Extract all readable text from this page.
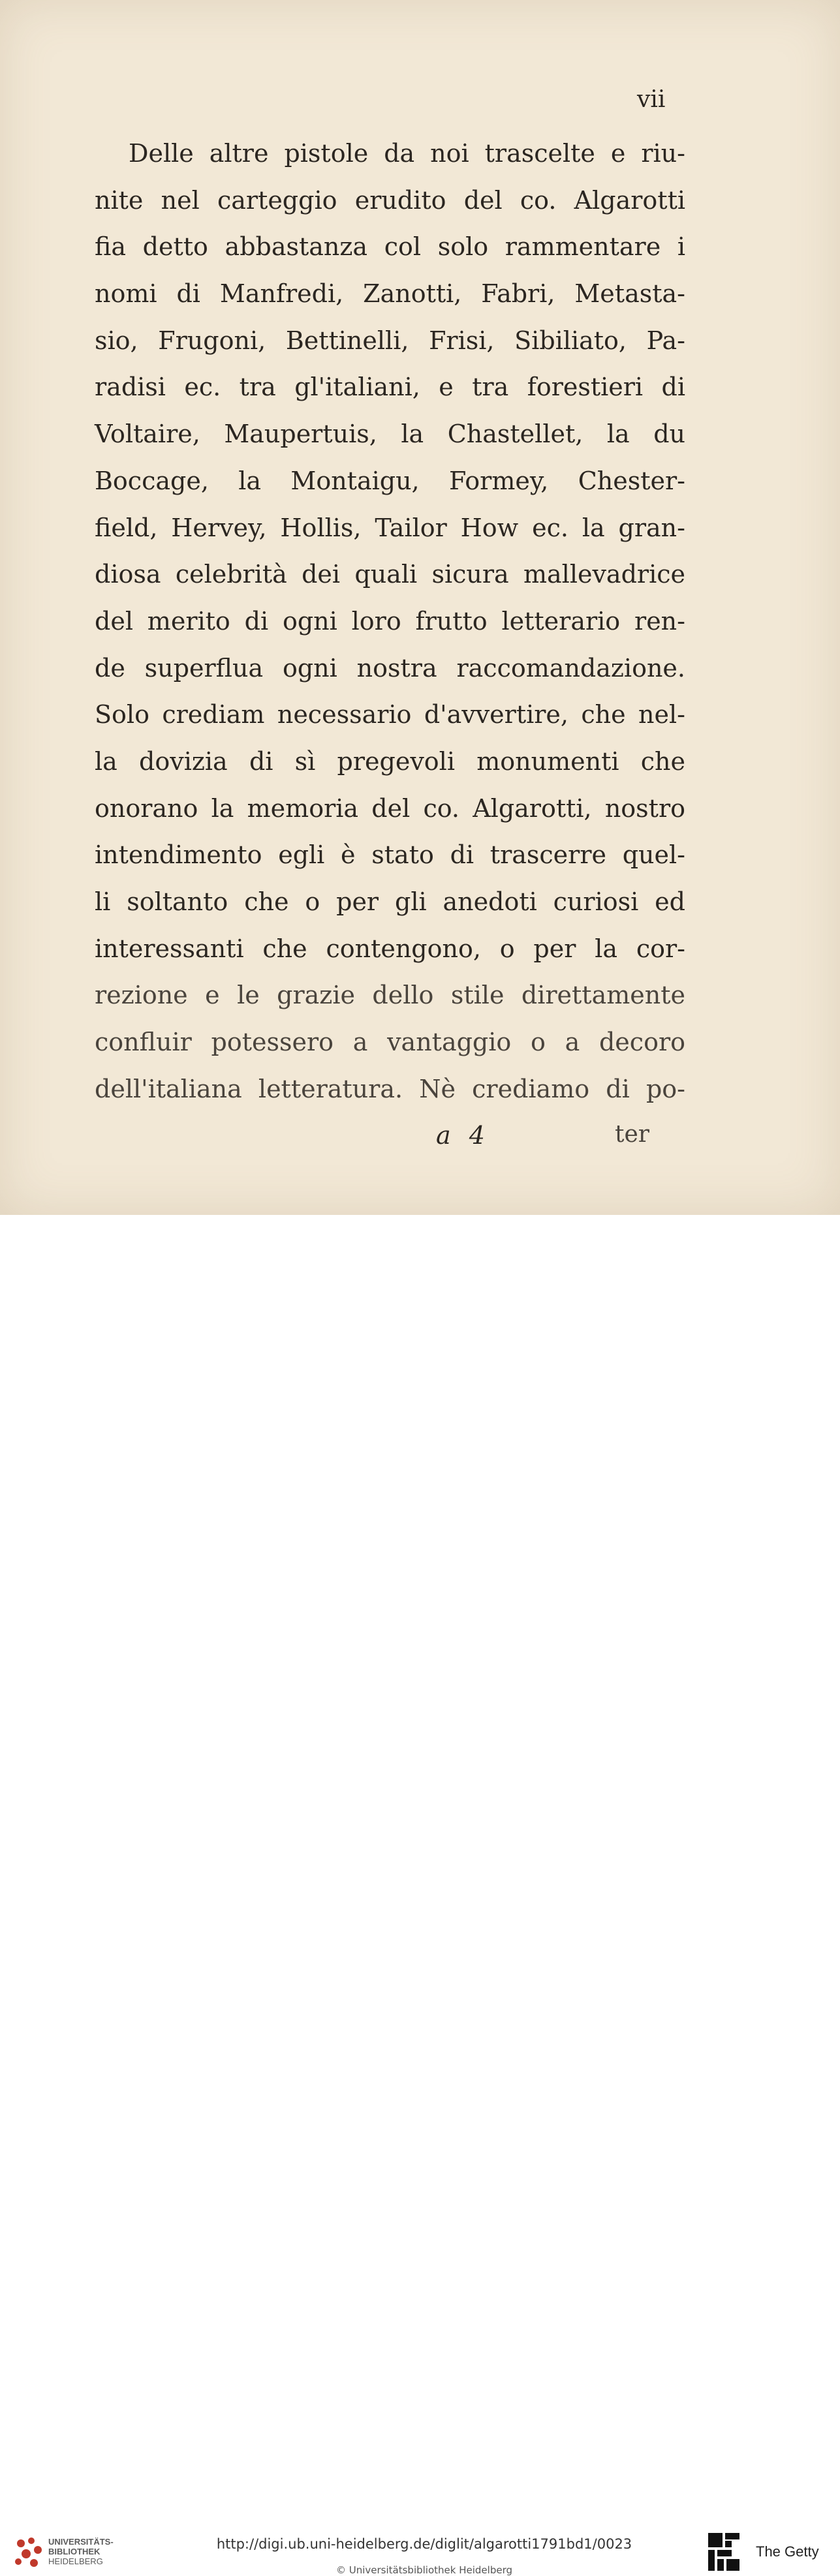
vii
Delle altre pistole da noi trascelte e riu-
nite nel carteggio erudito del co. Algarotti
fia detto abbastanza col solo rammentare i
nomi di Manfredi, Zanotti, Fabri, Metasta-
sio, Frugoni, Bettinelli, Frisi, Sibiliato, Pa-
radisi ec. tra gl'italiani, e tra forestieri di
Voltaire, Maupertuis, la Chastellet, la du
Boccage, la Montaigu, Formey, Chester-
field, Hervey, Hollis, Tailor How ec. la gran-
diosa celebrità dei quali sicura mallevadrice
del merito di ogni loro frutto letterario ren-
de superflua ogni nostra raccomandazione.
Solo crediam necessario d'avvertire, che nel-
la dovizia di sì pregevoli monumenti che
onorano la memoria del co. Algarotti, nostro
intendimento egli è stato di trascerre quel-
li soltanto che o per gli anedoti curiosi ed
interessanti che contengono, o per la cor-
rezione e le grazie dello stile direttamente
confluir potessero a vantaggio o a decoro
dell'italiana letteratura. Nè crediamo di po-
a 4	ter
UNIVERSITÄTS-
BIBLIOTHEK
HEIDELBERG
http://digi.ub.uni-heidelberg.de/diglit/algarotti1791bd1/0023
© Universitätsbibliothek Heidelberg
The Getty
